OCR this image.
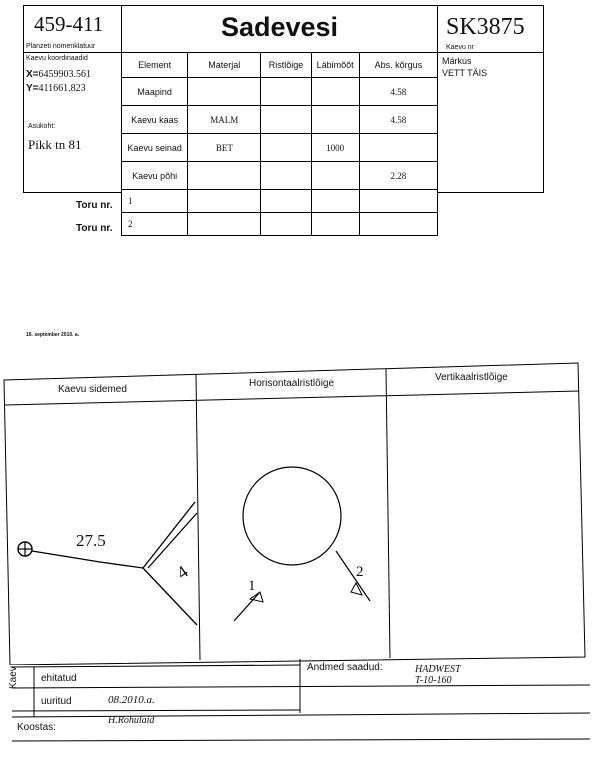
459-411
Planzeti nomenklatuur
Sadevesi	SK3875
Kaevu nr
Kaevu koordinaadid
X=6459903.561
Y=411661.823
Asukoht:
Pikk tn 81
Element	Materjal	Ristlõige	Läbimõõt	Abs. kõrgus
Maapind				4.58
Kaevu kaas	MALM			4.58
Kaevu seinad	BET		1000	
Kaevu põhi				2.28
1				
2				
Toru nr.
Toru nr.
Märkus
VETT TÄIS
16. september 2010. a.
Kaevu sidemed
Horisontaalristlõige
Vertikaalristlõige
27.5
4
1
2
Kaev ehitatud
uuritud	08.2010.a.
Andmed saadud:	HADWEST
T-10-160
Koostas:
H.Rohulaid
